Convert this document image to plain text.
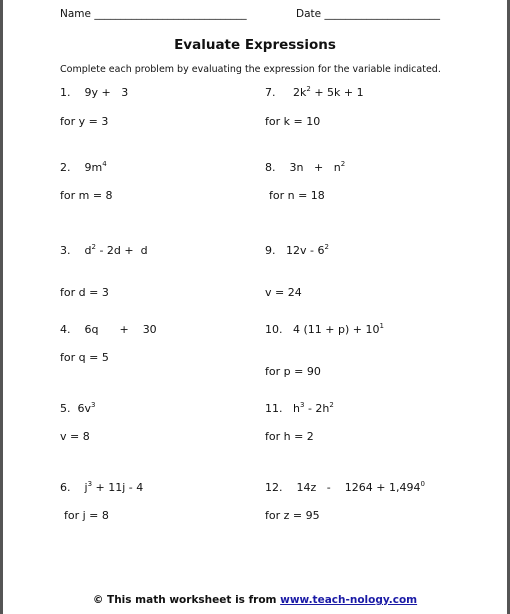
Name _____________________________	Date ______________________
Evaluate Expressions
Complete each problem by evaluating the expression for the variable indicated.
1. 9y + 3
for y = 3
2. $9m^4$
for m = 8
3. $d^2 - 2d + d$
for d = 3
4. 6q + 30
for q = 5
5. $6v^3$
v = 8
6. $j^3 + 11j - 4$
for j = 8
7. $2k^2 + 5k + 1$
for k = 10
8. $3n + n^2$
for n = 18
9. $12v - 6^2$
v = 24
10. 4 $(11 + p) + 10^1$
for p = 90
11. $h^3 - 2h^2$
for h = 2
12. $14z - 1264 + 1,494^0$
for z = 95
© This math worksheet is from www.teach-nology.com
